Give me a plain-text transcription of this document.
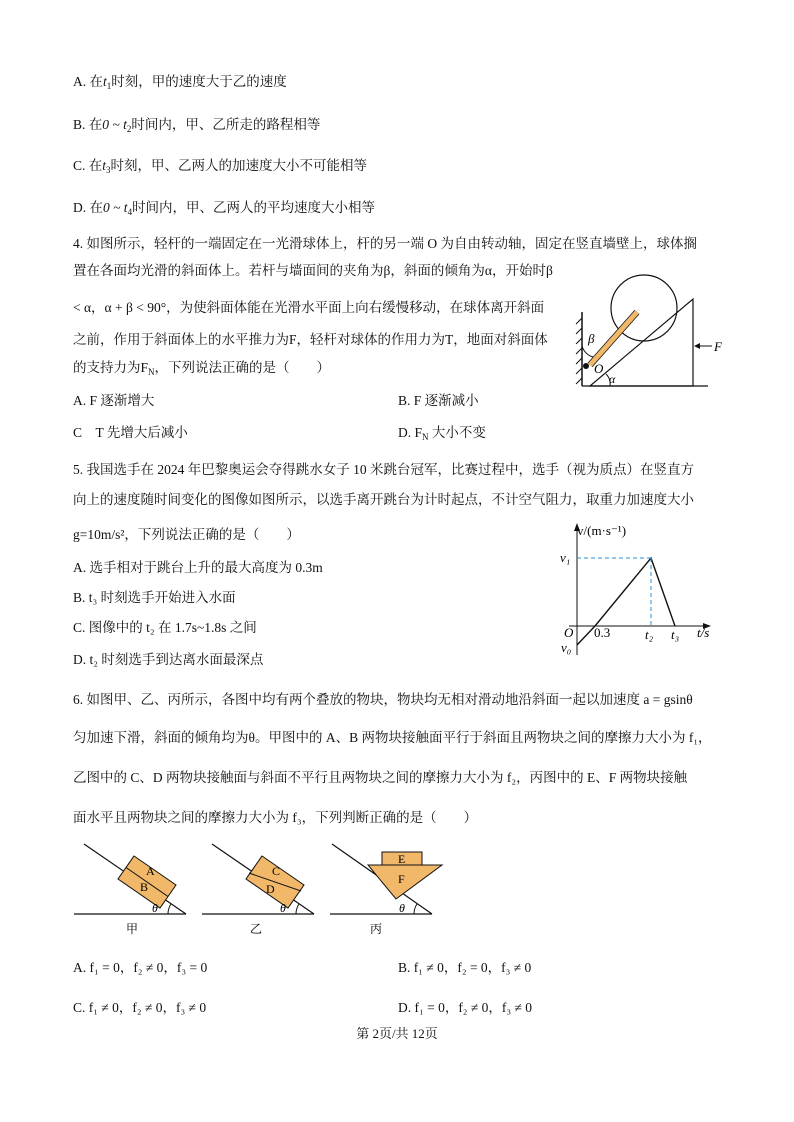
A. 在$t_1$时刻，甲的速度大于乙的速度
B. 在0 ~ $t_2$时间内，甲、乙所走的路程相等
C. 在$t_3$时刻，甲、乙两人的加速度大小不可能相等
D. 在0 ~ $t_4$时间内，甲、乙两人的平均速度大小相等
4. 如图所示，轻杆的一端固定在一光滑球体上，杆的另一端 O 为自由转动轴，固定在竖直墙壁上，球体搁
置在各面均光滑的斜面体上。若杆与墙面间的夹角为β，斜面的倾角为α，开始时β
< α，α + β < 90°，为使斜面体能在光滑水平面上向右缓慢移动，在球体离开斜面
之前，作用于斜面体上的水平推力为F，轻杆对球体的作用力为T，地面对斜面体
的支持力为$F_N$，下列说法正确的是（　　）
A. F 逐渐增大	B. F 逐渐减小
C　T 先增大后减小	D. $F_N$ 大小不变
β
O
α
F
5. 我国选手在 2024 年巴黎奥运会夺得跳水女子 10 米跳台冠军，比赛过程中，选手（视为质点）在竖直方
向上的速度随时间变化的图像如图所示，以选手离开跳台为计时起点，不计空气阻力，取重力加速度大小
g=10m/s²，下列说法正确的是（　　）
A. 选手相对于跳台上升的最大高度为 0.3m
B. t₃ 时刻选手开始进入水面
C. 图像中的 t₂ 在 1.7s~1.8s 之间
D. t₂ 时刻选手到达离水面最深点
v/(m·s⁻¹)
v₁
v₀
O 0.3	t₂ t₃ t/s
6. 如图甲、乙、丙所示，各图中均有两个叠放的物块，物块均无相对滑动地沿斜面一起以加速度 a = gsinθ
匀加速下滑，斜面的倾角均为θ。甲图中的 A、B 两物块接触面平行于斜面且两物块之间的摩擦力大小为 f₁，
乙图中的 C、D 两物块接触面与斜面不平行且两物块之间的摩擦力大小为 f₂，丙图中的 E、F 两物块接触
面水平且两物块之间的摩擦力大小为 f₃，下列判断正确的是（　　）
A
B
θ
甲
C
D
θ
乙
E
F
θ
丙
A. f₁ = 0，f₂ ≠ 0，f₃ = 0	B. f₁ ≠ 0，f₂ = 0，f₃ ≠ 0
C. f₁ ≠ 0，f₂ ≠ 0，f₃ ≠ 0	D. f₁ = 0，f₂ ≠ 0，f₃ ≠ 0
第 2页/共 12页
